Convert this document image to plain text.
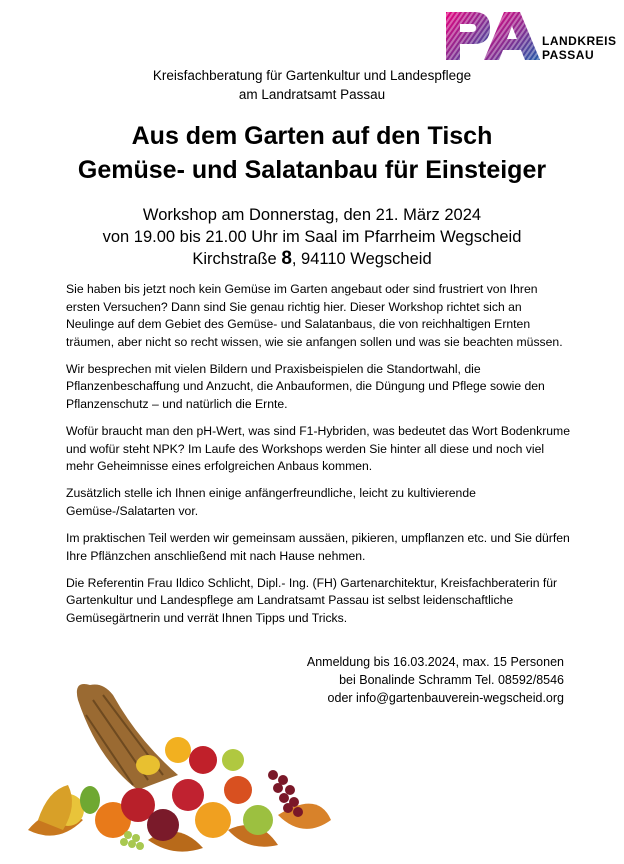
LANDKREIS
PASSAU
Kreisfachberatung für Gartenkultur und Landespflege
am Landratsamt Passau
Aus dem Garten auf den Tisch
Gemüse- und Salatanbau für Einsteiger
Workshop am Donnerstag, den 21. März 2024
von 19.00 bis 21.00 Uhr im Saal im Pfarrheim Wegscheid
Kirchstraße 8, 94110 Wegscheid

Sie haben bis jetzt noch kein Gemüse im Garten angebaut oder sind frustriert von Ihren ersten Versuchen? Dann sind Sie genau richtig hier. Dieser Workshop richtet sich an Neulinge auf dem Gebiet des Gemüse- und Salatanbaus, die von reichhaltigen Ernten träumen, aber nicht so recht wissen, wie sie anfangen sollen und was sie beachten müssen.

Wir besprechen mit vielen Bildern und Praxisbeispielen die Standortwahl, die Pflanzenbeschaffung und Anzucht, die Anbauformen, die Düngung und Pflege sowie den Pflanzenschutz – und natürlich die Ernte.

Wofür braucht man den pH-Wert, was sind F1-Hybriden, was bedeutet das Wort Bodenkrume und wofür steht NPK? Im Laufe des Workshops werden Sie hinter all diese und noch viel mehr Geheimnisse eines erfolgreichen Anbaus kommen.

Zusätzlich stelle ich Ihnen einige anfängerfreundliche, leicht zu kultivierende Gemüse-/Salatarten vor.

Im praktischen Teil werden wir gemeinsam aussäen, pikieren, umpflanzen etc. und Sie dürfen Ihre Pflänzchen anschließend mit nach Hause nehmen.

Die Referentin Frau Ildico Schlicht, Dipl.- Ing. (FH) Gartenarchitektur, Kreisfachberaterin für Gartenkultur und Landespflege am Landratsamt Passau ist selbst leidenschaftliche Gemüsegärtnerin und verrät Ihnen Tipps und Tricks.

Anmeldung bis 16.03.2024, max. 15 Personen
bei Bonalinde Schramm Tel. 08592/8546
oder info@gartenbauverein-wegscheid.org
